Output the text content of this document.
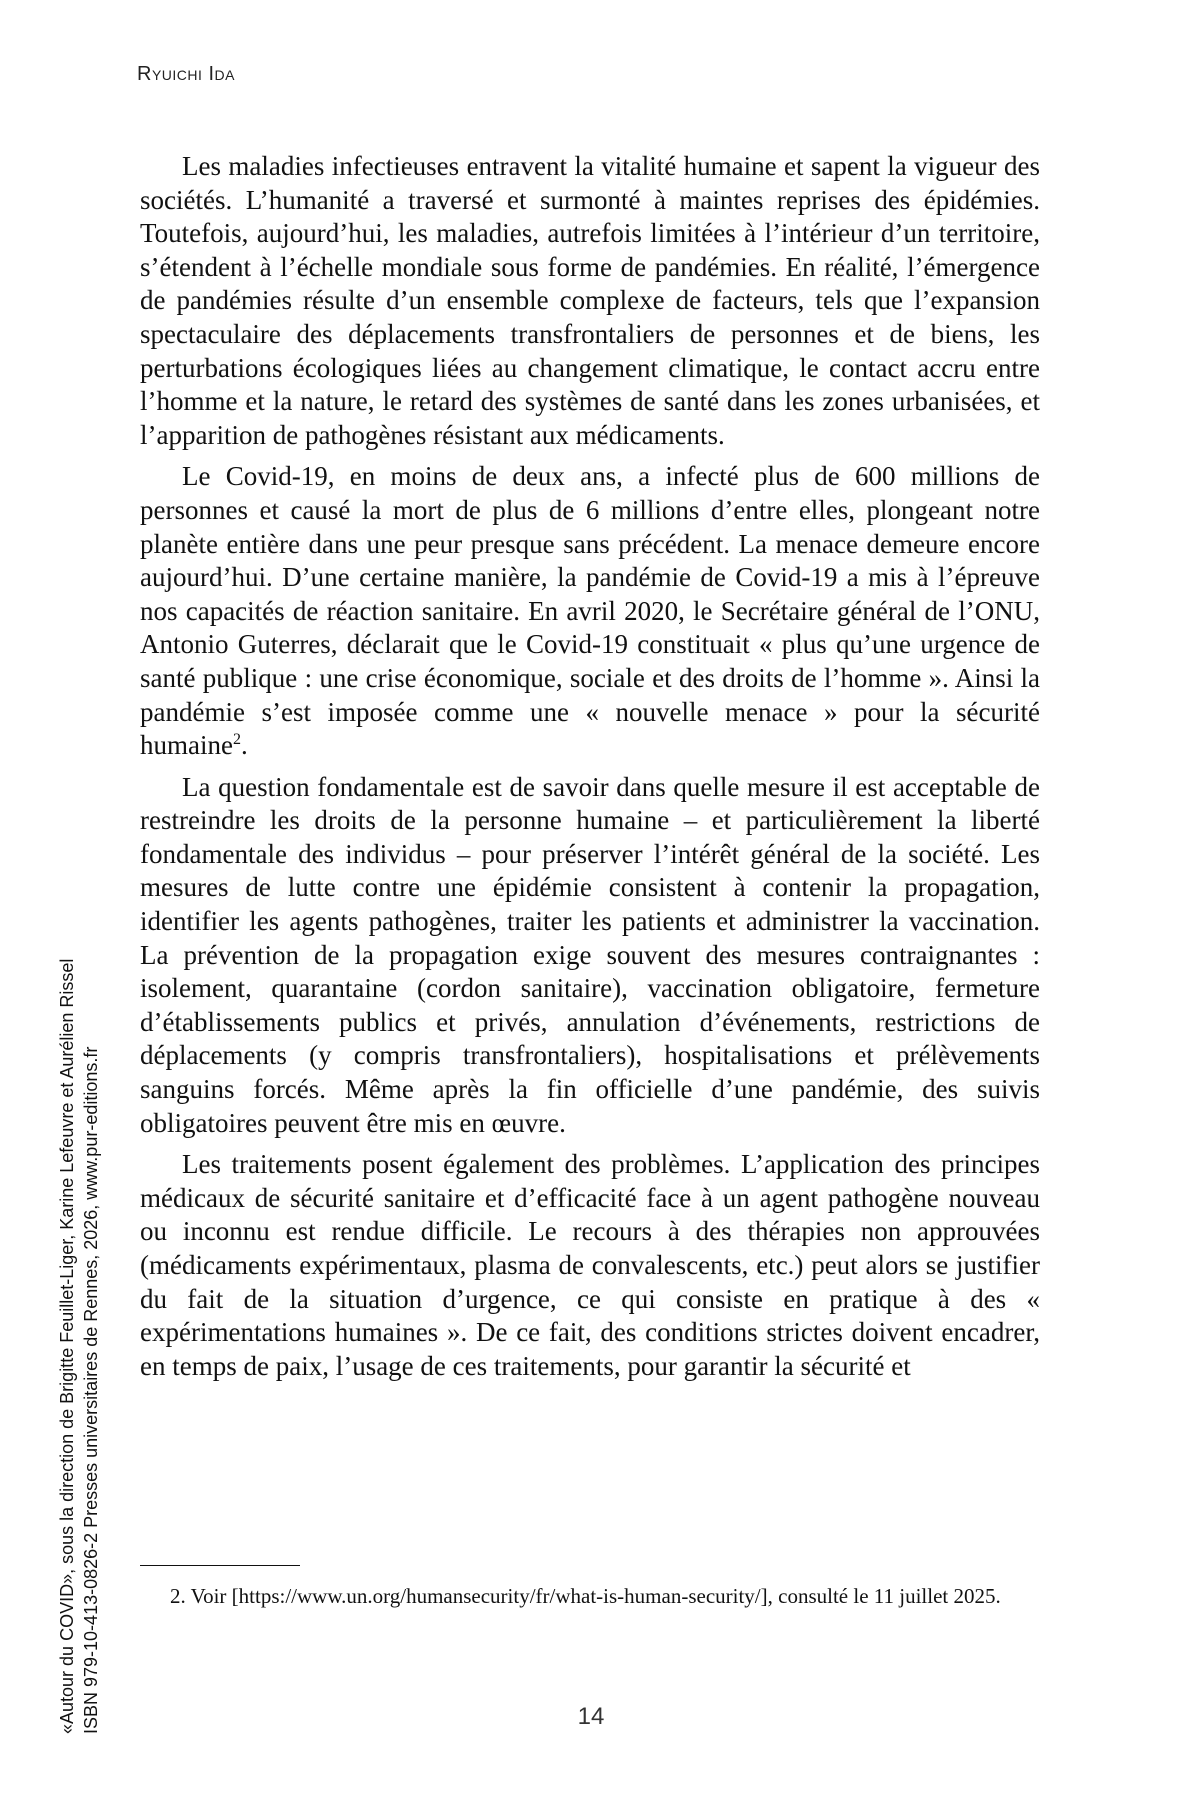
Ryuichi Ida

Les maladies infectieuses entravent la vitalité humaine et sapent la vigueur des sociétés. L’humanité a traversé et surmonté à maintes reprises des épidémies. Toutefois, aujourd’hui, les maladies, autrefois limitées à l’intérieur d’un territoire, s’étendent à l’échelle mondiale sous forme de pandémies. En réalité, l’émergence de pandémies résulte d’un ensemble complexe de facteurs, tels que l’expansion spectaculaire des déplacements transfrontaliers de personnes et de biens, les perturbations écologiques liées au changement climatique, le contact accru entre l’homme et la nature, le retard des systèmes de santé dans les zones urbanisées, et l’apparition de pathogènes résistant aux médicaments.

Le Covid-19, en moins de deux ans, a infecté plus de 600 millions de personnes et causé la mort de plus de 6 millions d’entre elles, plongeant notre planète entière dans une peur presque sans précédent. La menace demeure encore aujourd’hui. D’une certaine manière, la pandémie de Covid-19 a mis à l’épreuve nos capacités de réaction sanitaire. En avril 2020, le Secrétaire général de l’ONU, Antonio Guterres, déclarait que le Covid-19 constituait « plus qu’une urgence de santé publique : une crise économique, sociale et des droits de l’homme ». Ainsi la pandémie s’est imposée comme une « nouvelle menace » pour la sécurité humaine$^2$.

La question fondamentale est de savoir dans quelle mesure il est acceptable de restreindre les droits de la personne humaine – et particulièrement la liberté fondamentale des individus – pour préserver l’intérêt général de la société. Les mesures de lutte contre une épidémie consistent à contenir la propagation, identifier les agents pathogènes, traiter les patients et administrer la vaccination. La prévention de la propagation exige souvent des mesures contraignantes : isolement, quarantaine (cordon sanitaire), vaccination obligatoire, fermeture d’établissements publics et privés, annulation d’événements, restrictions de déplacements (y compris transfrontaliers), hospitalisations et prélèvements sanguins forcés. Même après la fin officielle d’une pandémie, des suivis obligatoires peuvent être mis en œuvre.

Les traitements posent également des problèmes. L’application des principes médicaux de sécurité sanitaire et d’efficacité face à un agent pathogène nouveau ou inconnu est rendue difficile. Le recours à des thérapies non approuvées (médicaments expérimentaux, plasma de convalescents, etc.) peut alors se justifier du fait de la situation d’urgence, ce qui consiste en pratique à des « expérimentations humaines ». De ce fait, des conditions strictes doivent encadrer, en temps de paix, l’usage de ces traitements, pour garantir la sécurité et

2. Voir [https://www.un.org/humansecurity/fr/what-is-human-security/], consulté le 11 juillet 2025.
14
«Autour du COVID», sous la direction de Brigitte Feuillet-Liger, Karine Lefeuvre et Aurélien Rissel ISBN 979-10-413-0826-2 Presses universitaires de Rennes, 2026, www.pur-editions.fr
